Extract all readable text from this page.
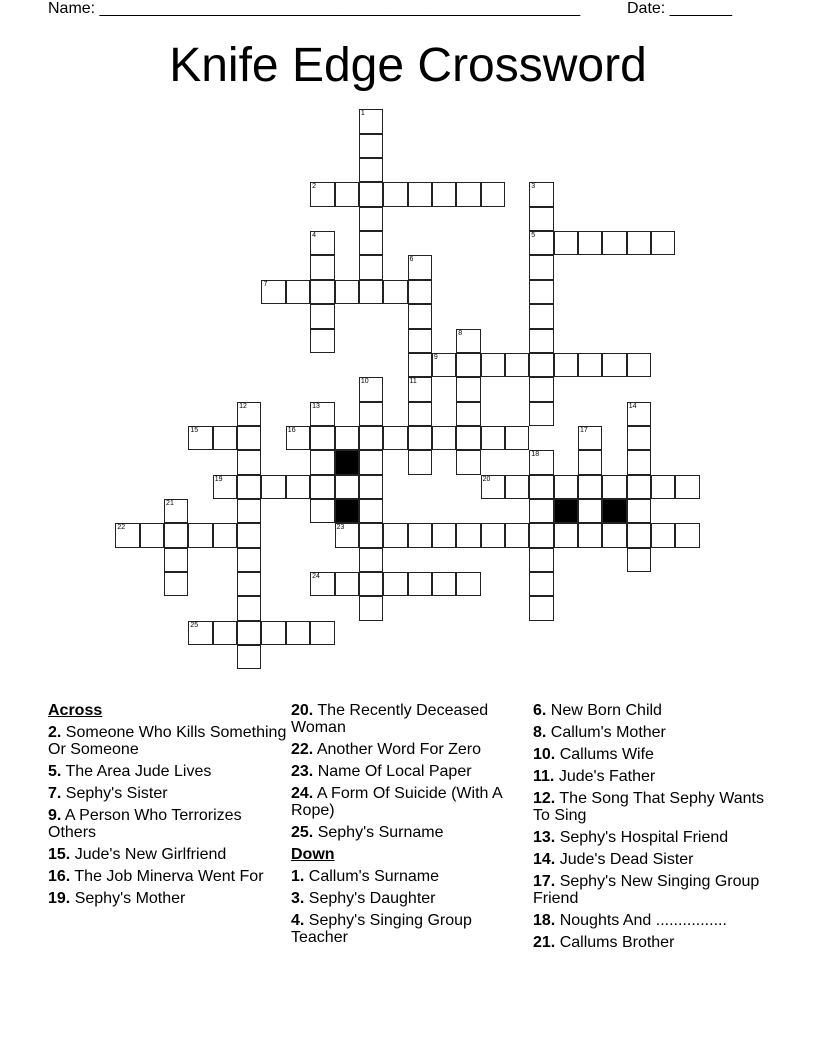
Name: ______________________________________________________	Date: _______
Knife Edge Crossword
1
2	3
5
4
6
7
8
9
10	11
12	13	14
15	16	17
18
19	20
21
22	23
24
25
Across
2. Someone Who Kills Something Or Someone
5. The Area Jude Lives
7. Sephy's Sister
9. A Person Who Terrorizes Others
15. Jude's New Girlfriend
16. The Job Minerva Went For
19. Sephy's Mother
20. The Recently Deceased Woman
22. Another Word For Zero
23. Name Of Local Paper
24. A Form Of Suicide (With A Rope)
25. Sephy's Surname
Down
1. Callum's Surname
3. Sephy's Daughter
4. Sephy's Singing Group Teacher
6. New Born Child
8. Callum's Mother
10. Callums Wife
11. Jude's Father
12. The Song That Sephy Wants To Sing
13. Sephy's Hospital Friend
14. Jude's Dead Sister
17. Sephy's New Singing Group Friend
18. Noughts And ................
21. Callums Brother
